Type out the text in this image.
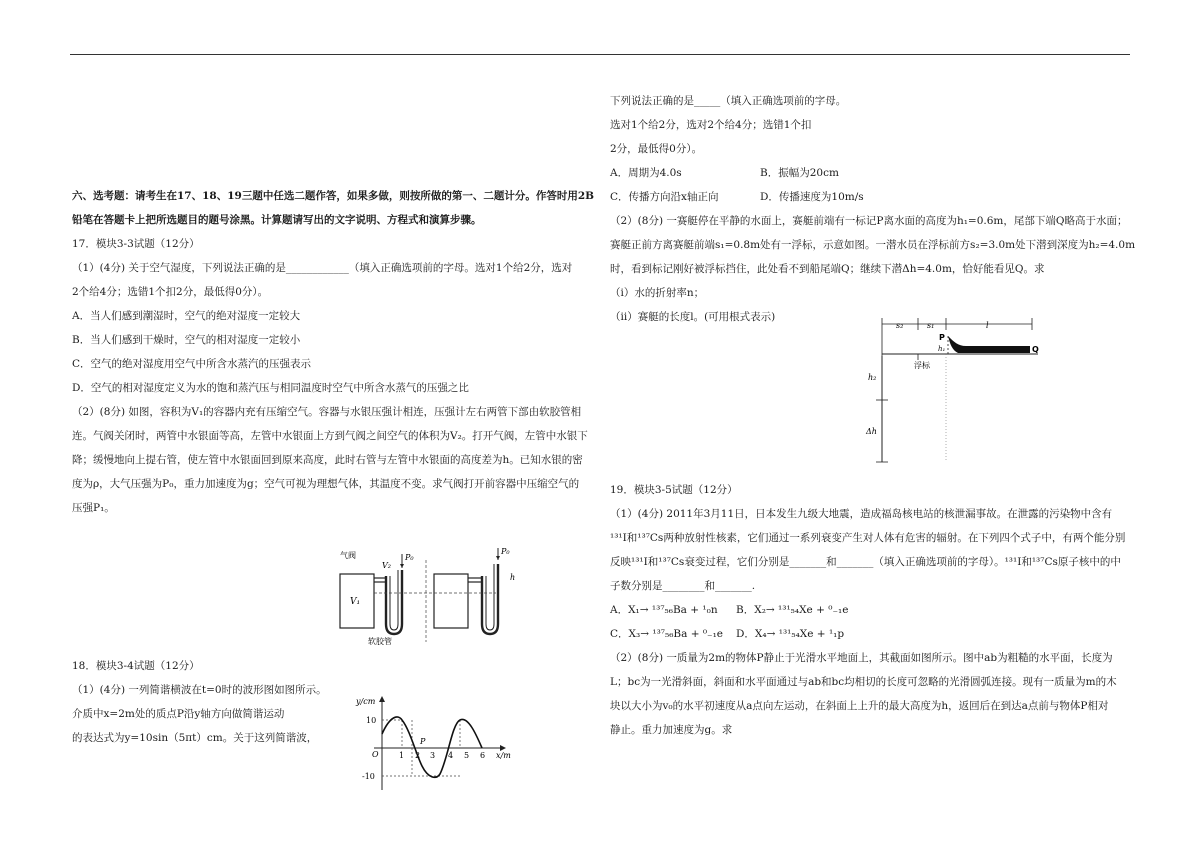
六、选考题：请考生在17、18、19三题中任选二题作答，如果多做，则按所做的第一、二题计分。作答时用2B
铅笔在答题卡上把所选题目的题号涂黑。计算题请写出的文字说明、方程式和演算步骤。
17．模块3-3试题（12分）
（1）(4分) 关于空气湿度，下列说法正确的是____________（填入正确选项前的字母。选对1个给2分，选对
2个给4分；选错1个扣2分，最低得0分）。
A．当人们感到潮湿时，空气的绝对湿度一定较大
B．当人们感到干燥时，空气的相对湿度一定较小
C．空气的绝对湿度用空气中所含水蒸汽的压强表示
D．空气的相对湿度定义为水的饱和蒸汽压与相同温度时空气中所含水蒸气的压强之比
（2）(8分) 如图，容积为V₁的容器内充有压缩空气。容器与水银压强计相连，压强计左右两管下部由软胶管相
连。气阀关闭时，两管中水银面等高，左管中水银面上方到气阀之间空气的体积为V₂。打开气阀，左管中水银下
降；缓慢地向上提右管，使左管中水银面回到原来高度，此时右管与左管中水银面的高度差为h。已知水银的密
度为ρ，大气压强为P₀，重力加速度为g；空气可视为理想气体，其温度不变。求气阀打开前容器中压缩空气的
压强P₁。
气阀
V₂
V₁
P₀
P₀
h
软胶管
18．模块3-4试题（12分）
（1）(4分) 一列简谐横波在t=0时的波形图如图所示。
介质中x=2m处的质点P沿y轴方向做简谐运动
的表达式为y=10sin（5πt）cm。关于这列简谐波，
y/cm
10
-10
O
P
x/m
1 2 3 4 5 6
下列说法正确的是_____（填入正确选项前的字母。
选对1个给2分，选对2个给4分；选错1个扣
2分，最低得0分）。
A．周期为4.0s	B．振幅为20cm
C．传播方向沿x轴正向	D．传播速度为10m/s
（2）(8分) 一赛艇停在平静的水面上，赛艇前端有一标记P离水面的高度为h₁=0.6m，尾部下端Q略高于水面；
赛艇正前方离赛艇前端s₁=0.8m处有一浮标，示意如图。一潜水员在浮标前方s₂=3.0m处下潜到深度为h₂=4.0m
时，看到标记刚好被浮标挡住，此处看不到船尾端Q；继续下潜Δh=4.0m，恰好能看见Q。求
（i）水的折射率n；
（ii）赛艇的长度l。(可用根式表示)
s₂	s₁	l
P
h₁	Q
浮标
h₂
Δh
19．模块3-5试题（12分）
（1）(4分) 2011年3月11日，日本发生九级大地震，造成福岛核电站的核泄漏事故。在泄露的污染物中含有
¹³¹I和¹³⁷Cs两种放射性核素，它们通过一系列衰变产生对人体有危害的辐射。在下列四个式子中，有两个能分别
反映¹³¹I和¹³⁷Cs衰变过程，它们分别是_______和_______（填入正确选项前的字母）。¹³¹I和¹³⁷Cs原子核中的中
子数分别是________和_______.
A．X₁→ ¹³⁷₅₆Ba + ¹₀n B．X₂→ ¹³¹₅₄Xe + ⁰₋₁e
C．X₃→ ¹³⁷₅₆Ba + ⁰₋₁e D．X₄→ ¹³¹₅₄Xe + ¹₁p
（2）(8分) 一质量为2m的物体P静止于光滑水平地面上，其截面如图所示。图中ab为粗糙的水平面，长度为
L；bc为一光滑斜面，斜面和水平面通过与ab和bc均相切的长度可忽略的光滑圆弧连接。现有一质量为m的木
块以大小为v₀的水平初速度从a点向左运动，在斜面上上升的最大高度为h，返回后在到达a点前与物体P相对
静止。重力加速度为g。求
